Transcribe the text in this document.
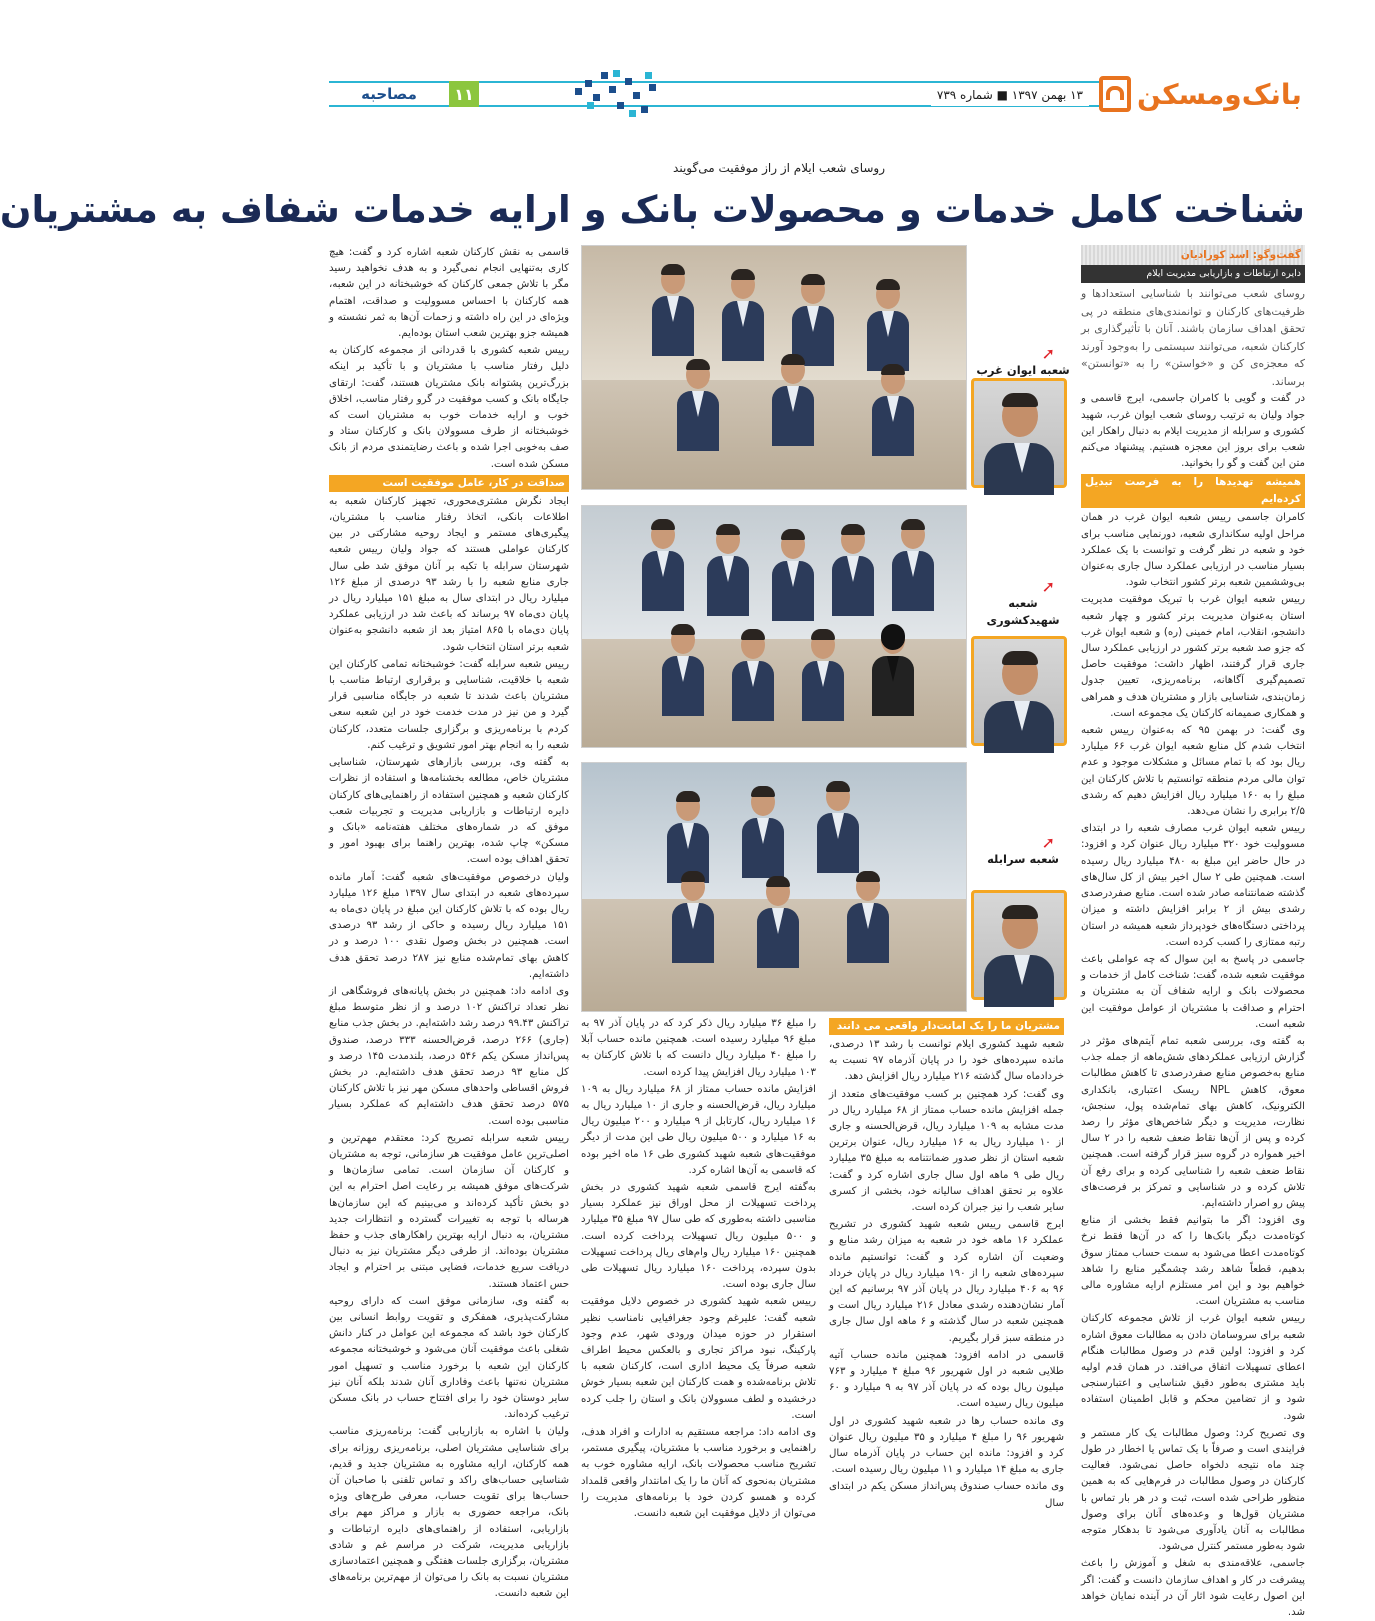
۱۱
مصاحبه	۱۳ بهمن ۱۳۹۷ ■ شماره ۷۳۹ بانک‌ومسکن
روسای شعب ایلام از راز موفقیت می‌گویند
شناخت کامل خدمات و محصولات بانک و ارایه خدمات شفاف به مشتریان
گفت‌وگو: اسد کورادیان
دایره ارتباطات و بازاریابی مدیریت ایلام

روسای شعب می‌توانند با شناسایی استعدادها و ظرفیت‌های کارکنان و توانمندی‌های منطقه در پی تحقق اهداف سازمان باشند. آنان با تأثیرگذاری بر کارکنان شعبه، می‌توانند سیستمی را به‌وجود آورند که معجزه‌ی کن و «خواستن» را به «توانستن» برساند.

در گفت و گویی با کامران جاسمی، ایرج قاسمی و جواد ولیان به ترتیب روسای شعب ایوان غرب، شهید کشوری و سرابله از مدیریت ایلام به دنبال راهکار این شعب برای بروز این معجزه هستیم. پیشنهاد می‌کنم متن این گفت و گو را بخوانید.

همیشه تهدیدها را به فرصت تبدیل کرده‌ایم

کامران جاسمی رییس شعبه ایوان غرب در همان مراحل اولیه سکانداری شعبه، دورنمایی مناسب برای خود و شعبه در نظر گرفت و توانست با یک عملکرد بسیار مناسب در ارزیابی عملکرد سال جاری به‌عنوان بی‌وششمین شعبه برتر کشور انتخاب شود.

رییس شعبه ایوان غرب با تبریک موفقیت مدیریت استان به‌عنوان مدیریت برتر کشور و چهار شعبه دانشجو، انقلاب، امام خمینی (ره) و شعبه ایوان غرب که جزو صد شعبه برتر کشور در ارزیابی عملکرد سال جاری قرار گرفتند، اظهار داشت: موفقیت حاصل تصمیم‌گیری آگاهانه، برنامه‌ریزی، تعیین جدول زمان‌بندی، شناسایی بازار و مشتریان هدف و همراهی و همکاری صمیمانه کارکنان یک مجموعه است.

وی گفت: در بهمن ۹۵ که به‌عنوان رییس شعبه انتخاب شدم کل منابع شعبه ایوان غرب ۶۶ میلیارد ریال بود که با تمام مسائل و مشکلات موجود و عدم توان مالی مردم منطقه توانستیم با تلاش کارکنان این مبلغ را به ۱۶۰ میلیارد ریال افزایش دهیم که رشدی ۲/۵ برابری را نشان می‌دهد.

رییس شعبه ایوان غرب مصارف شعبه را در ابتدای مسوولیت خود ۳۲۰ میلیارد ریال عنوان کرد و افزود: در حال حاضر این مبلغ به ۴۸۰ میلیارد ریال رسیده است. همچنین طی ۲ سال اخیر بیش از کل سال‌های گذشته ضمانتنامه صادر شده است. منابع صفردرصدی رشدی بیش از ۲ برابر افزایش داشته و میزان پرداختی دستگاه‌های خودپرداز شعبه همیشه در استان رتبه ممتازی را کسب کرده است.

جاسمی در پاسخ به این سوال که چه عواملی باعث موفقیت شعبه شده، گفت: شناخت کامل از خدمات و محصولات بانک و ارایه شفاف آن به مشتریان و احترام و صداقت با مشتریان از عوامل موفقیت این شعبه است.

به گفته وی، بررسی شعبه تمام آیتم‌های مؤثر در گزارش ارزیابی عملکردهای شش‌ماهه از جمله جذب منابع به‌خصوص منابع صفردرصدی تا کاهش مطالبات معوق، کاهش NPL ریسک اعتباری، بانکداری الکترونیک، کاهش بهای تمام‌شده پول، سنجش، نظارت، مدیریت و دیگر شاخص‌های مؤثر را رصد کرده و پس از آن‌ها نقاط ضعف شعبه را در ۲ سال اخیر همواره در گروه سبز قرار گرفته است. همچنین نقاط ضعف شعبه را شناسایی کرده و برای رفع آن تلاش کرده و در شناسایی و تمرکز بر فرصت‌های پیش رو اصرار داشته‌ایم.

وی افزود: اگر ما بتوانیم فقط بخشی از منابع کوتاه‌مدت دیگر بانک‌ها را که در آن‌ها فقط نرخ کوتاه‌مدت اعطا می‌شود به سمت حساب ممتاز سوق بدهیم، قطعاً شاهد رشد چشمگیر منابع را شاهد خواهیم بود و این امر مستلزم ارایه مشاوره مالی مناسب به مشتریان است.

رییس شعبه ایوان غرب از تلاش مجموعه کارکنان شعبه برای سروسامان دادن به مطالبات معوق اشاره کرد و افزود: اولین قدم در وصول مطالبات هنگام اعطای تسهیلات اتفاق می‌افتد. در همان قدم اولیه باید مشتری به‌طور دقیق شناسایی و اعتبارسنجی شود و از تضامین محکم و قابل اطمینان استفاده شود.

وی تصریح کرد: وصول مطالبات یک کار مستمر و فرایندی است و صرفاً با یک تماس یا اخطار در طول چند ماه نتیجه دلخواه حاصل نمی‌شود. فعالیت کارکنان در وصول مطالبات در فرم‌هایی که به همین منظور طراحی شده است، ثبت و در هر بار تماس با مشتریان قول‌ها و وعده‌های آنان برای وصول مطالبات به آنان یادآوری می‌شود تا بدهکار متوجه شود به‌طور مستمر کنترل می‌شود.

جاسمی، علاقه‌مندی به شغل و آموزش را باعث پیشرفت در کار و اهداف سازمان دانست و گفت: اگر این اصول رعایت شود اثار آن در آینده نمایان خواهد شد.

قاسمی به نقش کارکنان شعبه اشاره کرد و گفت: هیچ کاری به‌تنهایی انجام نمی‌گیرد و به هدف نخواهید رسید مگر با تلاش جمعی کارکنان که خوشبختانه در این شعبه، همه کارکنان با احساس مسوولیت و صداقت، اهتمام ویژه‌ای در این راه داشته و زحمات آن‌ها به ثمر نشسته و همیشه جزو بهترین شعب استان بوده‌ایم.

رییس شعبه کشوری با قدردانی از مجموعه کارکنان به دلیل رفتار مناسب با مشتریان و با تأکید بر اینکه بزرگ‌ترین پشتوانه بانک مشتریان هستند، گفت: ارتقای جایگاه بانک و کسب موفقیت در گرو رفتار مناسب، اخلاق خوب و ارایه خدمات خوب به مشتریان است که خوشبختانه از طرف مسوولان بانک و کارکنان ستاد و صف به‌خوبی اجرا شده و باعث رضایتمندی مردم از بانک مسکن شده است.

صداقت در کار، عامل موفقیت است

ایجاد نگرش مشتری‌محوری، تجهیز کارکنان شعبه به اطلاعات بانکی، اتخاذ رفتار مناسب با مشتریان، پیگیری‌های مستمر و ایجاد روحیه مشارکتی در بین کارکنان عواملی هستند که جواد ولیان رییس شعبه شهرستان سرابله با تکیه بر آنان موفق شد طی سال جاری منابع شعبه را با رشد ۹۳ درصدی از مبلغ ۱۲۶ میلیارد ریال در ابتدای سال به مبلغ ۱۵۱ میلیارد ریال در پایان دی‌ماه ۹۷ برساند که باعث شد در ارزیابی عملکرد پایان دی‌ماه با ۸۶۵ امتیاز بعد از شعبه دانشجو به‌عنوان شعبه برتر استان انتخاب شود.

رییس شعبه سرابله گفت: خوشبختانه تمامی کارکنان این شعبه با خلاقیت، شناسایی و برقراری ارتباط مناسب با مشتریان باعث شدند تا شعبه در جایگاه مناسبی قرار گیرد و من نیز در مدت خدمت خود در این شعبه سعی کردم با برنامه‌ریزی و برگزاری جلسات متعدد، کارکنان شعبه را به انجام بهتر امور تشویق و ترغیب کنم.

به گفته وی، بررسی بازارهای شهرستان، شناسایی مشتریان خاص، مطالعه بخشنامه‌ها و استفاده از نظرات کارکنان شعبه و همچنین استفاده از راهنمایی‌های کارکنان دایره ارتباطات و بازاریابی مدیریت و تجربیات شعب موفق که در شماره‌های مختلف هفته‌نامه «بانک و مسکن» چاپ شده، بهترین راهنما برای بهبود امور و تحقق اهداف بوده است.

ولیان درخصوص موفقیت‌های شعبه گفت: آمار مانده سپرده‌های شعبه در ابتدای سال ۱۳۹۷ مبلغ ۱۲۶ میلیارد ریال بوده که با تلاش کارکنان این مبلغ در پایان دی‌ماه به ۱۵۱ میلیارد ریال رسیده و حاکی از رشد ۹۳ درصدی است. همچنین در بخش وصول نقدی ۱۰۰ درصد و در کاهش بهای تمام‌شده منابع نیز ۲۸۷ درصد تحقق هدف داشته‌ایم.

وی ادامه داد: همچنین در بخش پایانه‌های فروشگاهی از نظر تعداد تراکنش ۱۰۲ درصد و از نظر متوسط مبلغ تراکنش ۹۹.۴۳ درصد رشد داشته‌ایم. در بخش جذب منابع (جاری) ۲۶۶ درصد، قرض‌الحسنه ۳۳۳ درصد، صندوق پس‌انداز مسکن یکم ۵۴۶ درصد، بلندمدت ۱۴۵ درصد و کل منابع ۹۳ درصد تحقق هدف داشته‌ایم. در بخش فروش اقساطی واحدهای مسکن مهر نیز با تلاش کارکنان ۵۷۵ درصد تحقق هدف داشته‌ایم که عملکرد بسیار مناسبی بوده است.

رییس شعبه سرابله تصریح کرد: معتقدم مهم‌ترین و اصلی‌ترین عامل موفقیت هر سازمانی، توجه به مشتریان و کارکنان آن سازمان است. تمامی سازمان‌ها و شرکت‌های موفق همیشه بر رعایت اصل احترام به این دو بخش تأکید کرده‌اند و می‌بینیم که این سازمان‌ها هرساله با توجه به تغییرات گسترده و انتظارات جدید مشتریان، به دنبال ارایه بهترین راهکارهای جذب و حفظ مشتریان بوده‌اند. از طرفی دیگر مشتریان نیز به دنبال دریافت سریع خدمات، فضایی مبتنی بر احترام و ایجاد حس اعتماد هستند.

به گفته وی، سازمانی موفق است که دارای روحیه مشارکت‌پذیری، همفکری و تقویت روابط انسانی بین کارکنان خود باشد که مجموعه این عوامل در کنار دانش شغلی باعث موفقیت آنان می‌شود و خوشبختانه مجموعه کارکنان این شعبه با برخورد مناسب و تسهیل امور مشتریان نه‌تنها باعث وفاداری آنان شدند بلکه آنان نیز سایر دوستان خود را برای افتتاح حساب در بانک مسکن ترغیب کرده‌اند.

ولیان با اشاره به بازاریابی گفت: برنامه‌ریزی مناسب برای شناسایی مشتریان اصلی، برنامه‌ریزی روزانه برای همه کارکنان، ارایه مشاوره به مشتریان جدید و قدیم، شناسایی حساب‌های راکد و تماس تلفنی با صاحبان آن حساب‌ها برای تقویت حساب، معرفی طرح‌های ویژه بانک، مراجعه حضوری به بازار و مراکز مهم برای بازاریابی، استفاده از راهنمای‌های دایره ارتباطات و بازاریابی مدیریت، شرکت در مراسم غم و شادی مشتریان، برگزاری جلسات هفتگی و همچنین اعتمادسازی مشتریان نسبت به بانک را می‌توان از مهم‌ترین برنامه‌های این شعبه دانست.

مشتریان ما را یک امانت‌دار واقعی می دانند

شعبه شهید کشوری ایلام توانست با رشد ۱۳ درصدی، مانده سپرده‌های خود را در پایان آذرماه ۹۷ نسبت به خردادماه سال گذشته ۲۱۶ میلیارد ریال افزایش دهد.

وی گفت: کرد همچنین بر کسب موفقیت‌های متعدد از جمله افزایش مانده حساب ممتاز از ۶۸ میلیارد ریال در مدت مشابه به ۱۰۹ میلیارد ریال، قرض‌الحسنه و جاری از ۱۰ میلیارد ریال به ۱۶ میلیارد ریال، عنوان برترین شعبه استان از نظر صدور ضمانتنامه به مبلغ ۳۵ میلیارد ریال طی ۹ ماهه اول سال جاری اشاره کرد و گفت: علاوه بر تحقق اهداف سالیانه خود، بخشی از کسری سایر شعب را نیز جبران کرده است.

ایرج قاسمی رییس شعبه شهید کشوری در تشریح عملکرد ۱۶ ماهه خود در شعبه به میزان رشد منابع و وضعیت آن اشاره کرد و گفت: توانستیم مانده سپرده‌های شعبه را از ۱۹۰ میلیارد ریال در پایان خرداد ۹۶ به ۴۰۶ میلیارد ریال در پایان آذر ۹۷ برسانیم که این آمار نشان‌دهنده رشدی معادل ۲۱۶ میلیارد ریال است و همچنین شعبه در سال گذشته و ۶ ماهه اول سال جاری در منطقه سبز قرار بگیریم.

قاسمی در ادامه افزود: همچنین مانده حساب آتیه طلایی شعبه در اول شهریور ۹۶ مبلغ ۴ میلیارد و ۷۶۳ میلیون ریال بوده که در پایان آذر ۹۷ به ۹ میلیارد و ۶۰ میلیون ریال رسیده است.

وی مانده حساب رها در شعبه شهید کشوری در اول شهریور ۹۶ را مبلغ ۴ میلیارد و ۳۵ میلیون ریال عنوان کرد و افزود: مانده این حساب در پایان آذرماه سال جاری به مبلغ ۱۴ میلیارد و ۱۱ میلیون ریال رسیده است.

وی مانده حساب صندوق پس‌انداز مسکن یکم در ابتدای سال

را مبلغ ۳۶ میلیارد ریال ذکر کرد که در پایان آذر ۹۷ به مبلغ ۹۶ میلیارد رسیده است. همچنین مانده حساب آبلا را مبلغ ۴۰ میلیارد ریال دانست که با تلاش کارکنان به ۱۰۳ میلیارد ریال افزایش پیدا کرده است.

افزایش مانده حساب ممتاز از ۶۸ میلیارد ریال به ۱۰۹ میلیارد ریال، قرض‌الحسنه و جاری از ۱۰ میلیارد ریال به ۱۶ میلیارد ریال، کارتابل از ۹ میلیارد و ۲۰۰ میلیون ریال به ۱۶ میلیارد و ۵۰۰ میلیون ریال طی این مدت از دیگر موفقیت‌های شعبه شهید کشوری طی ۱۶ ماه اخیر بوده که قاسمی به آن‌ها اشاره کرد.

به‌گفته ایرج قاسمی شعبه شهید کشوری در بخش پرداخت تسهیلات از محل اوراق نیز عملکرد بسیار مناسبی داشته به‌طوری که طی سال ۹۷ مبلغ ۳۵ میلیارد و ۵۰۰ میلیون ریال تسهیلات پرداخت کرده است. همچنین ۱۶۰ میلیارد ریال وام‌های ریال پرداخت تسهیلات بدون سپرده، پرداخت ۱۶۰ میلیارد ریال تسهیلات طی سال جاری بوده است.

رییس شعبه شهید کشوری در خصوص دلایل موفقیت شعبه گفت: علیرغم وجود جغرافیایی نامناسب نظیر استقرار در حوزه میدان ورودی شهر، عدم وجود پارکینگ، نبود مراکز تجاری و بالعکس محیط اطراف شعبه صرفاً یک محیط اداری است، کارکنان شعبه با تلاش برنامه‌شده و همت کارکنان این شعبه بسیار خوش درخشیده و لطف مسوولان بانک و استان را جلب کرده است.

وی ادامه داد: مراجعه مستقیم به ادارات و افراد هدف، راهنمایی و برخورد مناسب با مشتریان، پیگیری مستمر، تشریح مناسب محصولات بانک، ارایه مشاوره خوب به مشتریان به‌نحوی که آنان ما را یک امانتدار واقعی قلمداد کرده و همسو کردن خود با برنامه‌های مدیریت را می‌توان از دلایل موفقیت این شعبه دانست.

➚
شعبه ایوان غرب
➚
شعبه شهیدکشوری
➚
شعبه سرابله
